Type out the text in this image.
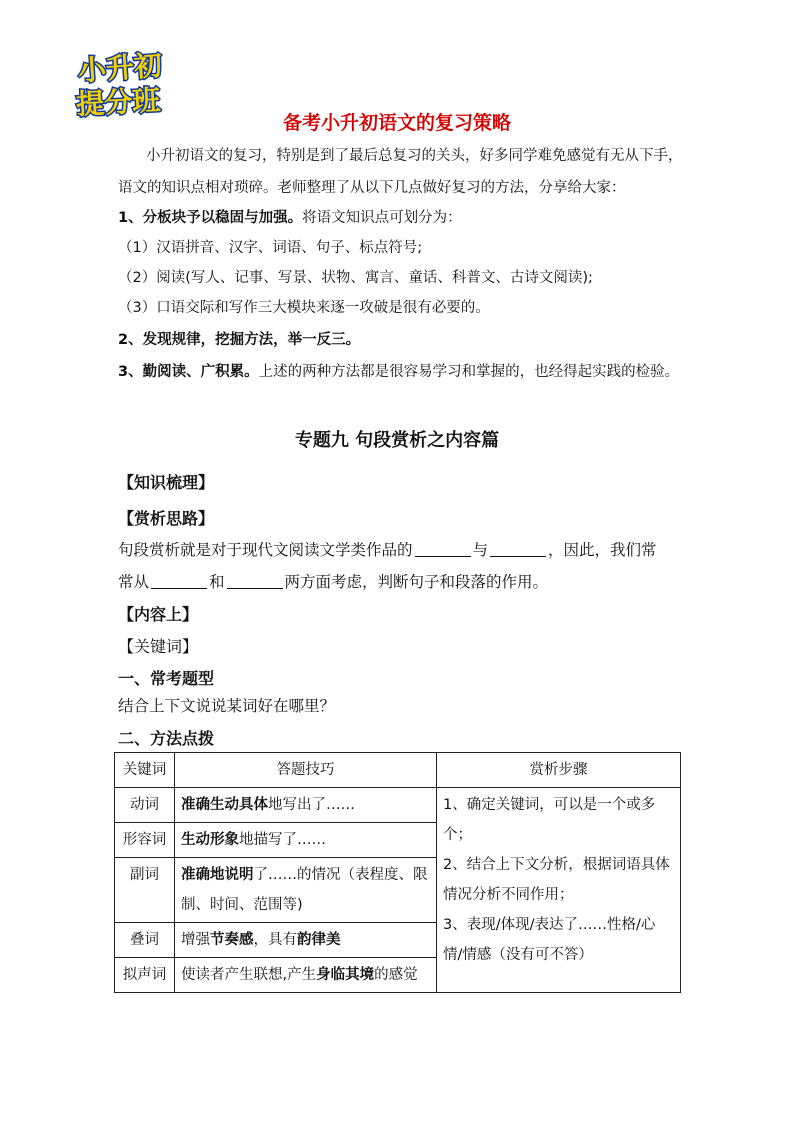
小升初
提分班
备考小升初语文的复习策略
小升初语文的复习，特别是到了最后总复习的关头，好多同学难免感觉有无从下手，
语文的知识点相对琐碎。老师整理了从以下几点做好复习的方法，分享给大家：
1、分板块予以稳固与加强。将语文知识点可划分为：
（1）汉语拼音、汉字、词语、句子、标点符号;
（2）阅读(写人、记事、写景、状物、寓言、童话、科普文、古诗文阅读);
（3）口语交际和写作三大模块来逐一攻破是很有必要的。
2、发现规律，挖掘方法，举一反三。
3、勤阅读、广积累。上述的两种方法都是很容易学习和掌握的，也经得起实践的检验。
专题九 句段赏析之内容篇
【知识梳理】
【赏析思路】
句段赏析就是对于现代文阅读文学类作品的	与	，因此，我们常
常从	和	两方面考虑，判断句子和段落的作用。
【内容上】
【关键词】
一、常考题型
结合上下文说说某词好在哪里？
二、方法点拨
关键词	答题技巧	赏析步骤
动词	准确生动具体地写出了……	1、确定关键词，可以是一个或多个；
2、结合上下文分析，根据词语具体情况分析不同作用；
3、表现/体现/表达了……性格/心情/情感（没有可不答）

形容词	生动形象地描写了……	
副词	准确地说明了……的情况（表程度、限制、时间、范围等)	
叠词	增强节奏感，具有韵律美	
拟声词	使读者产生联想,产生身临其境的感觉	
